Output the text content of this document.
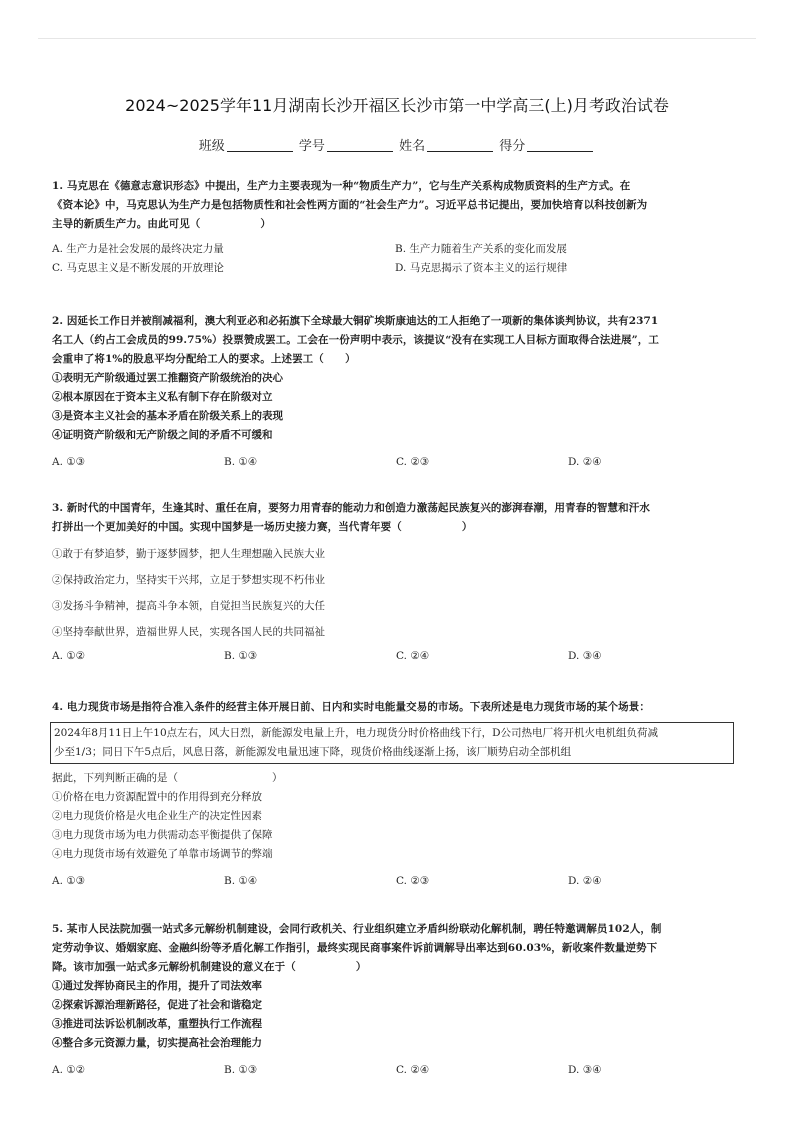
2024~2025学年11月湖南长沙开福区长沙市第一中学高三(上)月考政治试卷
班级	学号	姓名	得分
1. 马克思在《德意志意识形态》中提出，生产力主要表现为一种“物质生产力”，它与生产关系构成物质资料的生产方式。在
《资本论》中，马克思认为生产力是包括物质性和社会性两方面的“社会生产力”。习近平总书记提出，要加快培育以科技创新为
主导的新质生产力。由此可见（	）
A. 生产力是社会发展的最终决定力量	B. 生产力随着生产关系的变化而发展
C. 马克思主义是不断发展的开放理论	D. 马克思揭示了资本主义的运行规律
2. 因延长工作日并被削减福利，澳大利亚必和必拓旗下全球最大铜矿埃斯康迪达的工人拒绝了一项新的集体谈判协议，共有2371
名工人（约占工会成员的99.75%）投票赞成罢工。工会在一份声明中表示，该提议“没有在实现工人目标方面取得合法进展”，工
会重申了将1%的股息平均分配给工人的要求。上述罢工（　　）
①表明无产阶级通过罢工推翻资产阶级统治的决心
②根本原因在于资本主义私有制下存在阶级对立
③是资本主义社会的基本矛盾在阶级关系上的表现
④证明资产阶级和无产阶级之间的矛盾不可缓和
A. ①③	B. ①④	C. ②③	D. ②④
3. 新时代的中国青年，生逢其时、重任在肩，要努力用青春的能动力和创造力激荡起民族复兴的澎湃春潮，用青春的智慧和汗水
打拼出一个更加美好的中国。实现中国梦是一场历史接力赛，当代青年要（	）
①敢于有梦追梦，勤于逐梦圆梦，把人生理想融入民族大业
②保持政治定力，坚持实干兴邦，立足于梦想实现不朽伟业
③发扬斗争精神，提高斗争本领，自觉担当民族复兴的大任
④坚持奉献世界，造福世界人民，实现各国人民的共同福祉
A. ①②	B. ①③	C. ②④	D. ③④
4. 电力现货市场是指符合准入条件的经营主体开展日前、日内和实时电能量交易的市场。下表所述是电力现货市场的某个场景：
2024年8月11日上午10点左右，风大日烈，新能源发电量上升，电力现货分时价格曲线下行，D公司热电厂将开机火电机组负荷减
少至1/3；同日下午5点后，风息日落，新能源发电量迅速下降，现货价格曲线逐渐上扬，该厂顺势启动全部机组
据此，下列判断正确的是（	）
①价格在电力资源配置中的作用得到充分释放
②电力现货价格是火电企业生产的决定性因素
③电力现货市场为电力供需动态平衡提供了保障
④电力现货市场有效避免了单靠市场调节的弊端
A. ①③	B. ①④	C. ②③	D. ②④
5. 某市人民法院加强一站式多元解纷机制建设，会同行政机关、行业组织建立矛盾纠纷联动化解机制，聘任特邀调解员102人，制
定劳动争议、婚姻家庭、金融纠纷等矛盾化解工作指引，最终实现民商事案件诉前调解导出率达到60.03%，新收案件数量逆势下
降。该市加强一站式多元解纷机制建设的意义在于（	）
①通过发挥协商民主的作用，提升了司法效率
②探索诉源治理新路径，促进了社会和谐稳定
③推进司法诉讼机制改革，重塑执行工作流程
④整合多元资源力量，切实提高社会治理能力
A. ①②	B. ①③	C. ②④	D. ③④
